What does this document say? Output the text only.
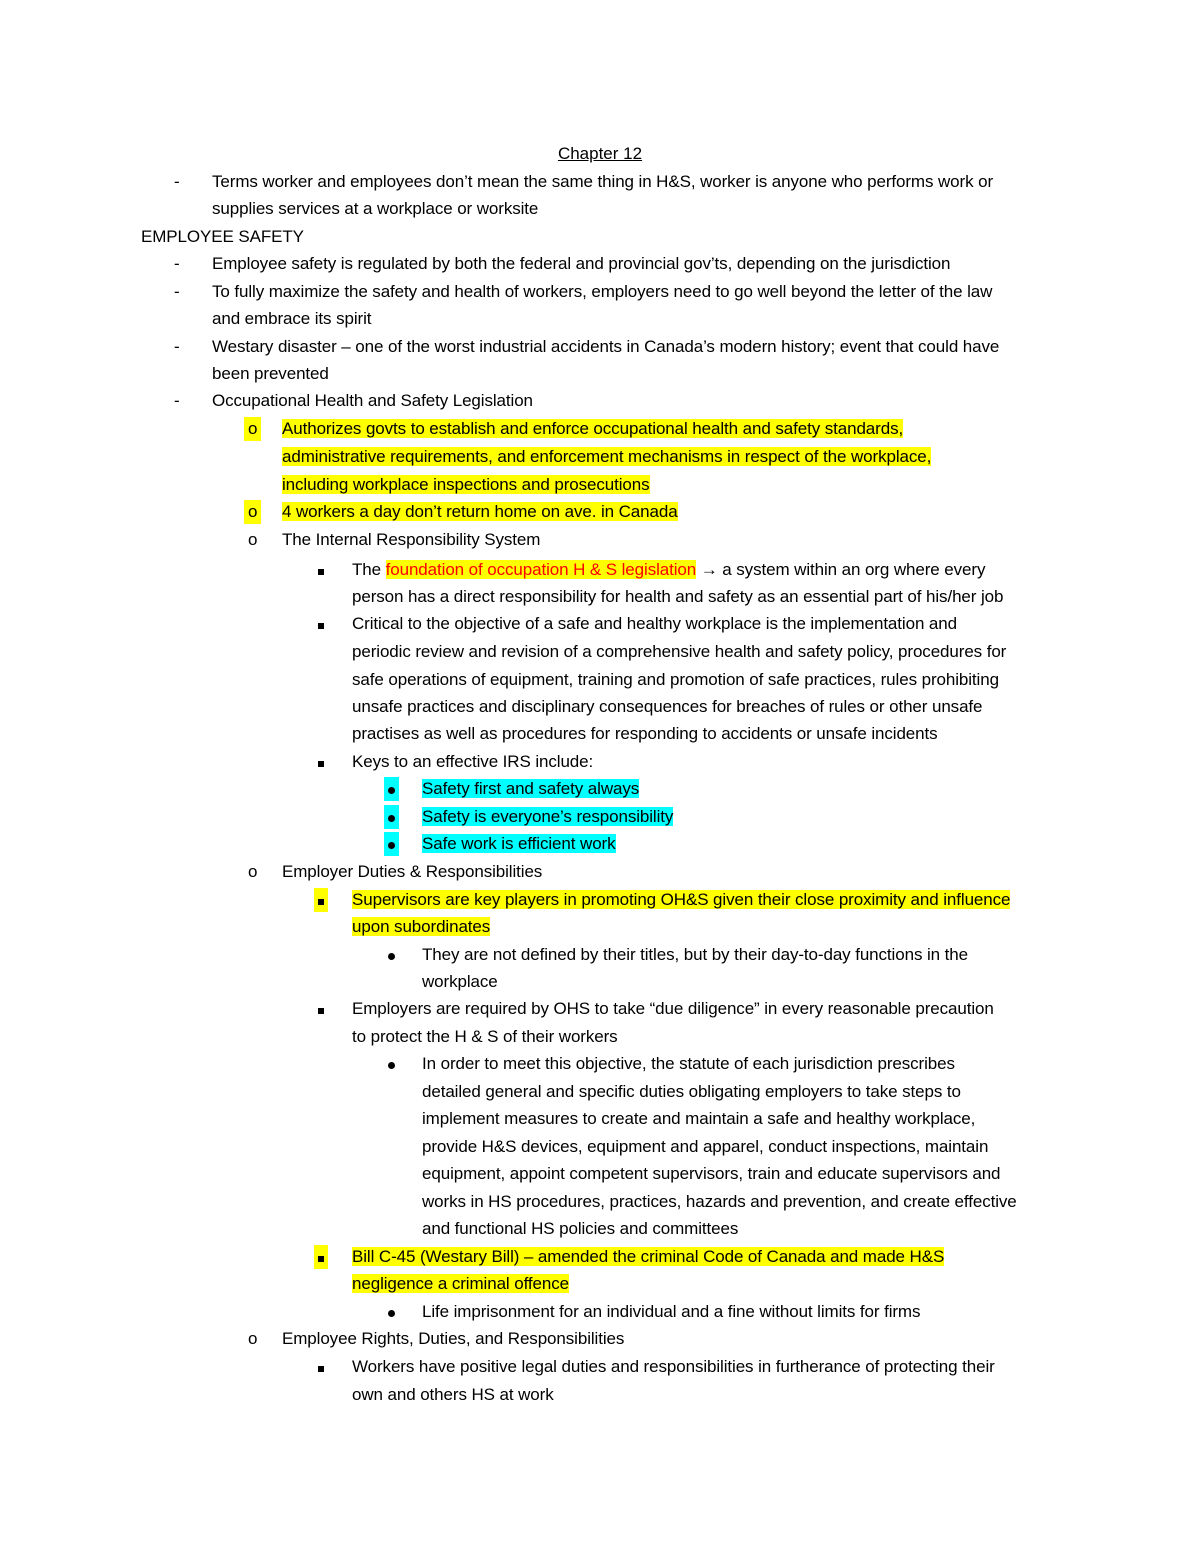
Chapter 12
- Terms worker and employees don’t mean the same thing in H&S, worker is anyone who performs work or
supplies services at a workplace or worksite
EMPLOYEE SAFETY
- Employee safety is regulated by both the federal and provincial gov’ts, depending on the jurisdiction
- To fully maximize the safety and health of workers, employers need to go well beyond the letter of the law
and embrace its spirit
- Westary disaster – one of the worst industrial accidents in Canada’s modern history; event that could have
been prevented
- Occupational Health and Safety Legislation
o Authorizes govts to establish and enforce occupational health and safety standards,
administrative requirements, and enforcement mechanisms in respect of the workplace,
including workplace inspections and prosecutions
o 4 workers a day don’t return home on ave. in Canada
o The Internal Responsibility System
The foundation of occupation H & S legislation → a system within an org where every
person has a direct responsibility for health and safety as an essential part of his/her job
Critical to the objective of a safe and healthy workplace is the implementation and
periodic review and revision of a comprehensive health and safety policy, procedures for
safe operations of equipment, training and promotion of safe practices, rules prohibiting
unsafe practices and disciplinary consequences for breaches of rules or other unsafe
practises as well as procedures for responding to accidents or unsafe incidents
Keys to an effective IRS include:
Safety first and safety always
Safety is everyone’s responsibility
Safe work is efficient work
o Employer Duties & Responsibilities
Supervisors are key players in promoting OH&S given their close proximity and influence
upon subordinates
They are not defined by their titles, but by their day-to-day functions in the
workplace
Employers are required by OHS to take “due diligence” in every reasonable precaution
to protect the H & S of their workers
In order to meet this objective, the statute of each jurisdiction prescribes
detailed general and specific duties obligating employers to take steps to
implement measures to create and maintain a safe and healthy workplace,
provide H&S devices, equipment and apparel, conduct inspections, maintain
equipment, appoint competent supervisors, train and educate supervisors and
works in HS procedures, practices, hazards and prevention, and create effective
and functional HS policies and committees
Bill C-45 (Westary Bill) – amended the criminal Code of Canada and made H&S
negligence a criminal offence
Life imprisonment for an individual and a fine without limits for firms
o Employee Rights, Duties, and Responsibilities
Workers have positive legal duties and responsibilities in furtherance of protecting their
own and others HS at work
